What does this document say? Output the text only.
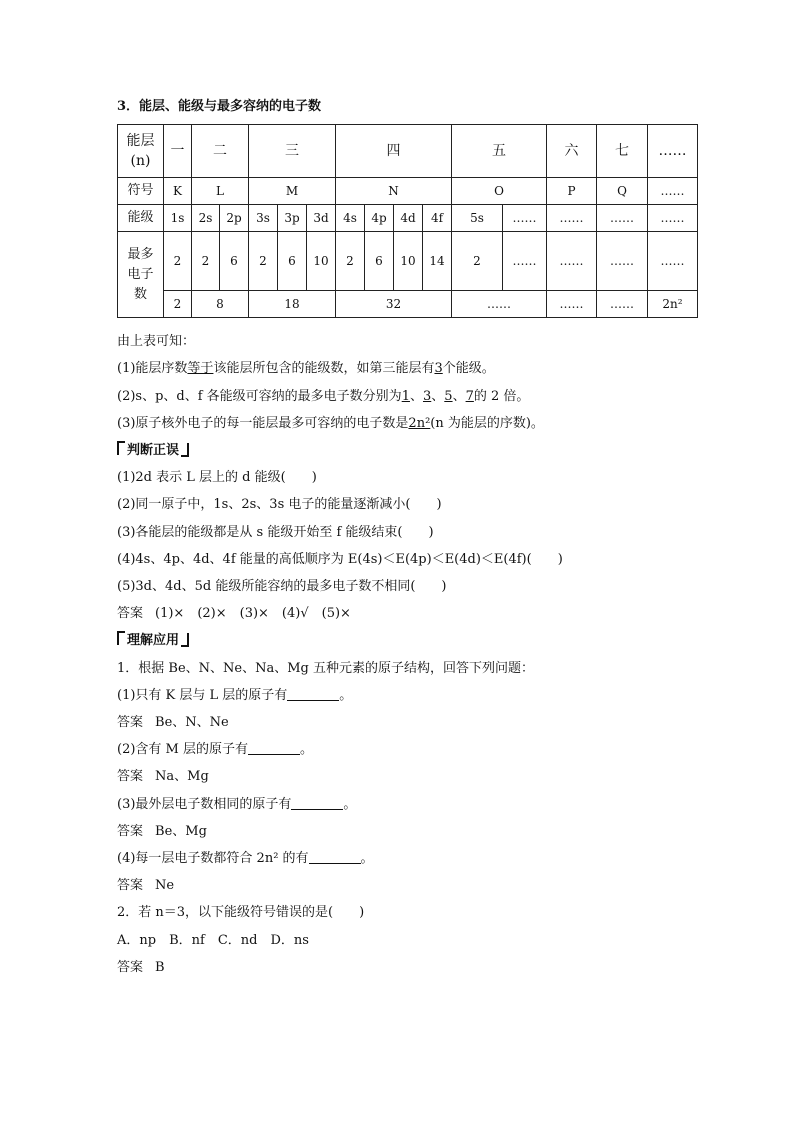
3．能层、能级与最多容纳的电子数
能层
(n)	一	二		三			四				五		六	七	……
符号	K	L		M			N				O		P	Q	……
能级	1s	2s	2p	3s	3p	3d	4s	4p	4d	4f	5s	……	……	……	……
最多
电子
数	2	2	6	2	6	10	2	6	10	14	2	……	……	……	……
	2	8		18			32				……		……	……	2n²
由上表可知：
(1)能层序数等于该能层所包含的能级数，如第三能层有3个能级。
(2)s、p、d、f 各能级可容纳的最多电子数分别为1、3、5、7的 2 倍。
(3)原子核外电子的每一能层最多可容纳的电子数是2n²(n 为能层的序数)。
判断正误
(1)2d 表示 L 层上的 d 能级(　　)
(2)同一原子中，1s、2s、3s 电子的能量逐渐减小(　　)
(3)各能层的能级都是从 s 能级开始至 f 能级结束(　　)
(4)4s、4p、4d、4f 能量的高低顺序为 E(4s)＜E(4p)＜E(4d)＜E(4f)(　　)
(5)3d、4d、5d 能级所能容纳的最多电子数不相同(　　)
答案 (1)×　(2)×　(3)×　(4)√　(5)×
理解应用
1．根据 Be、N、Ne、Na、Mg 五种元素的原子结构，回答下列问题：
(1)只有 K 层与 L 层的原子有	。
答案 Be、N、Ne
(2)含有 M 层的原子有	。
答案 Na、Mg
(3)最外层电子数相同的原子有	。
答案 Be、Mg
(4)每一层电子数都符合 2n² 的有	。
答案 Ne
2．若 n＝3，以下能级符号错误的是(　　)
A．np　B．nf　C．nd　D．ns
答案 B
